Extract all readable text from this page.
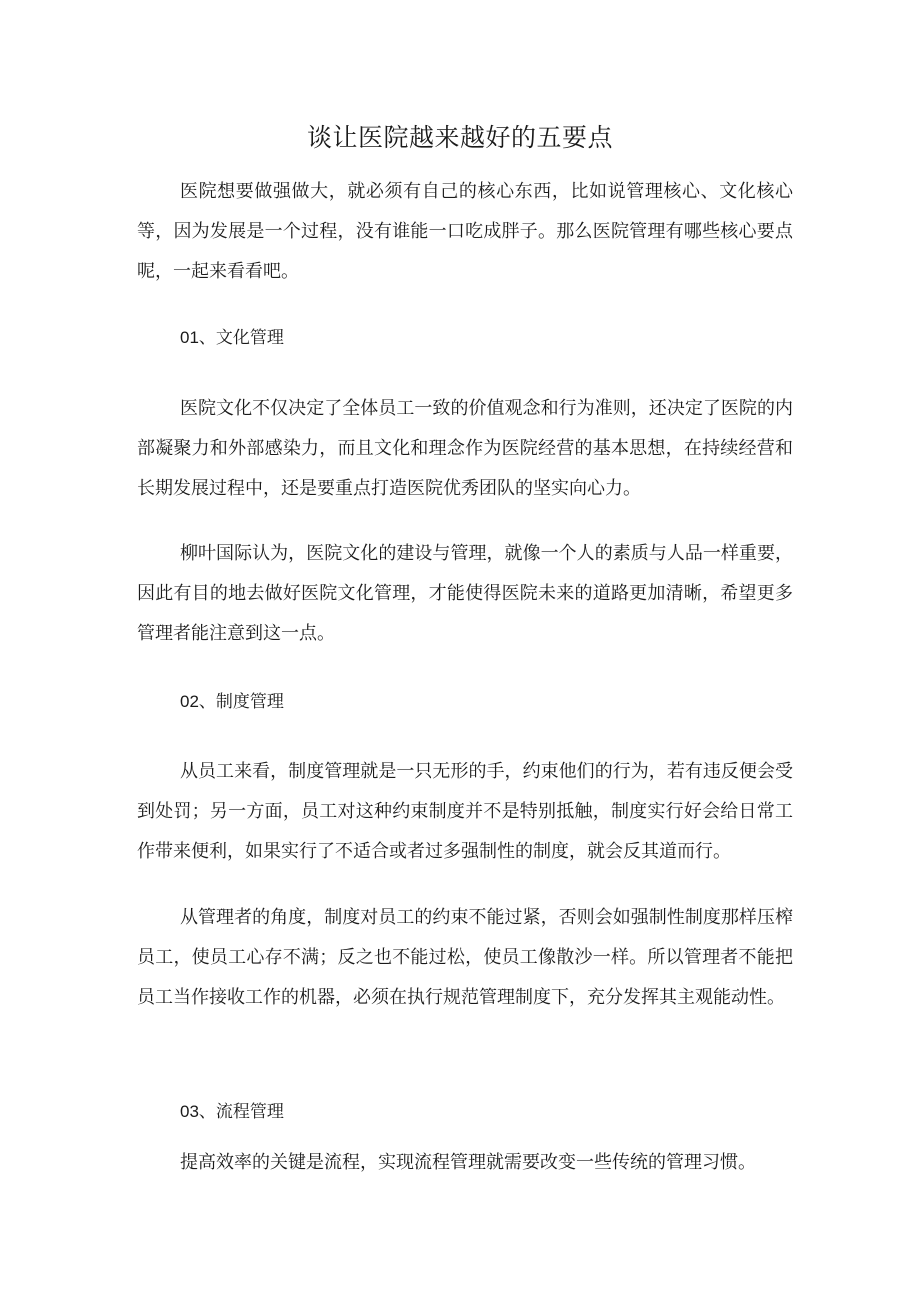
谈让医院越来越好的五要点

医院想要做强做大，就必须有自己的核心东西，比如说管理核心、文化核心等，因为发展是一个过程，没有谁能一口吃成胖子。那么医院管理有哪些核心要点呢，一起来看看吧。

01、文化管理

医院文化不仅决定了全体员工一致的价值观念和行为准则，还决定了医院的内部凝聚力和外部感染力，而且文化和理念作为医院经营的基本思想，在持续经营和长期发展过程中，还是要重点打造医院优秀团队的坚实向心力。

柳叶国际认为，医院文化的建设与管理，就像一个人的素质与人品一样重要，因此有目的地去做好医院文化管理，才能使得医院未来的道路更加清晰，希望更多管理者能注意到这一点。

02、制度管理

从员工来看，制度管理就是一只无形的手，约束他们的行为，若有违反便会受到处罚；另一方面，员工对这种约束制度并不是特别抵触，制度实行好会给日常工作带来便利，如果实行了不适合或者过多强制性的制度，就会反其道而行。

从管理者的角度，制度对员工的约束不能过紧，否则会如强制性制度那样压榨员工，使员工心存不满；反之也不能过松，使员工像散沙一样。所以管理者不能把员工当作接收工作的机器，必须在执行规范管理制度下，充分发挥其主观能动性。

03、流程管理

提高效率的关键是流程，实现流程管理就需要改变一些传统的管理习惯。
